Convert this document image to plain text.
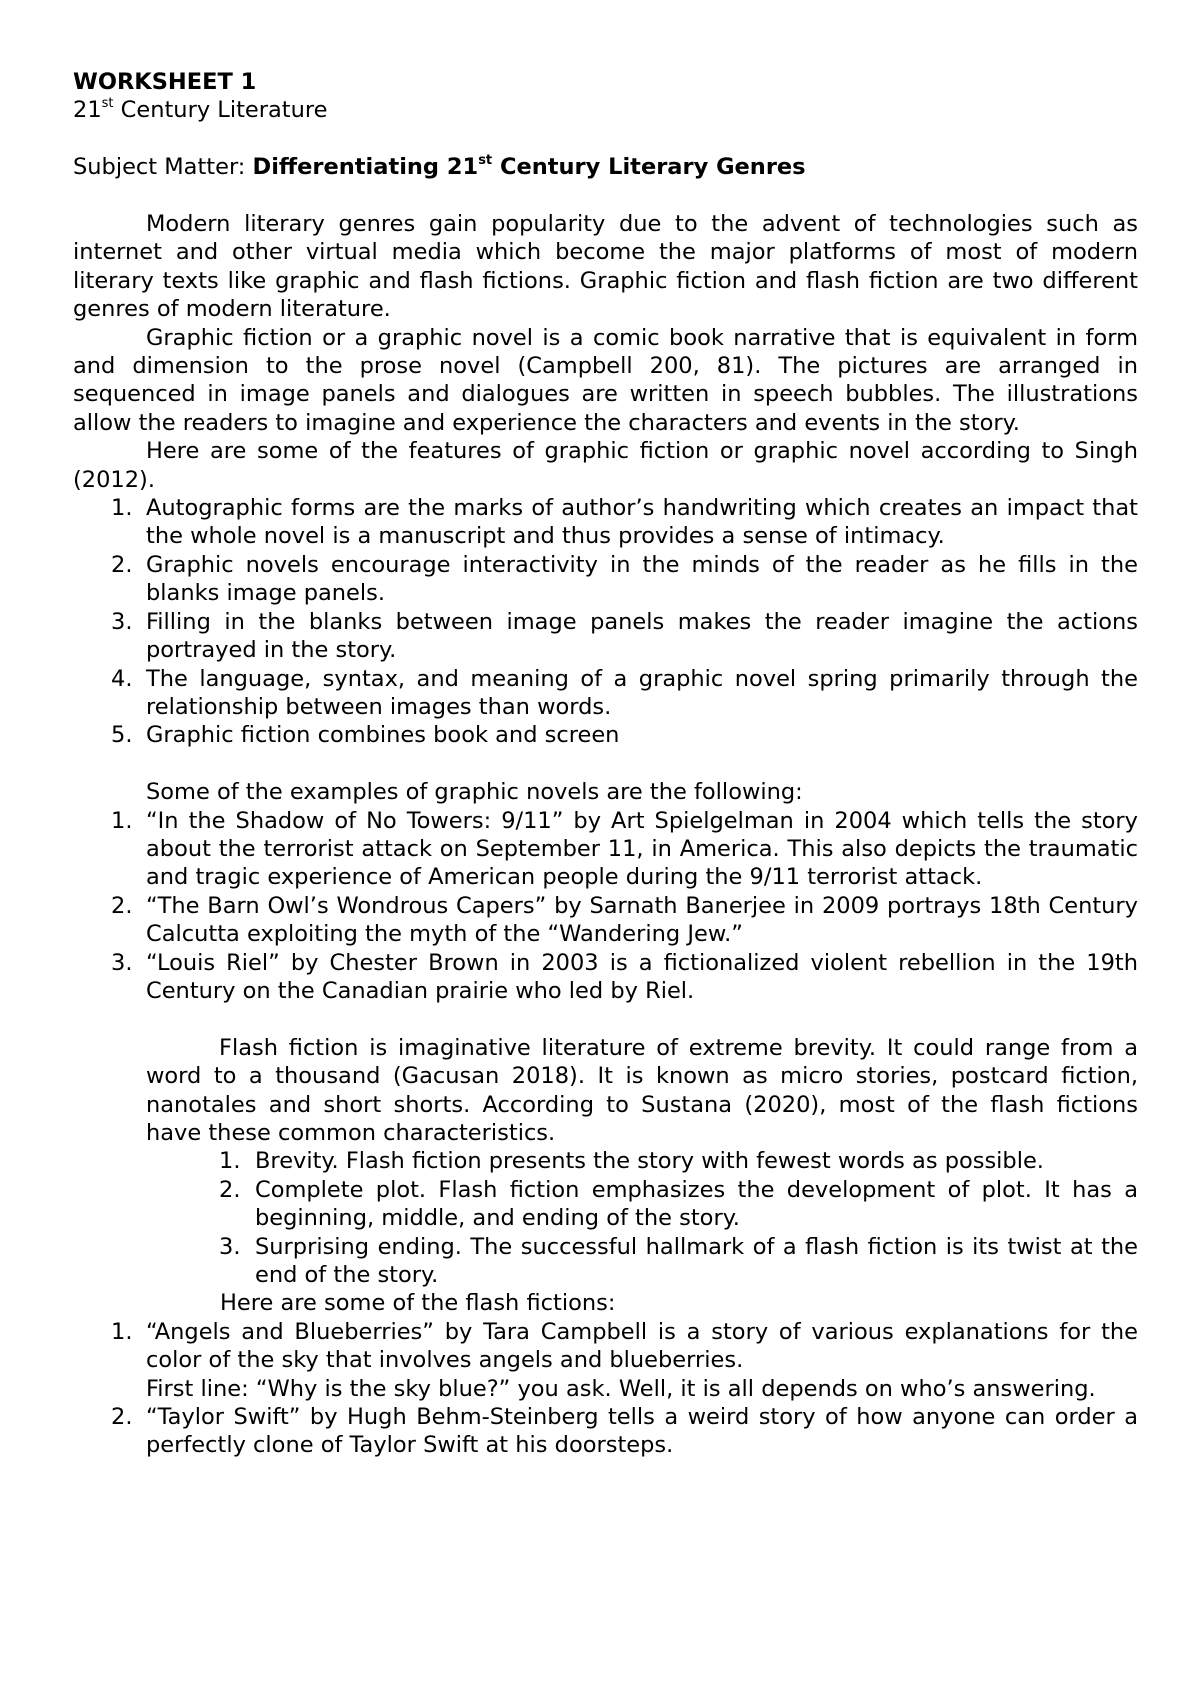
WORKSHEET 1
21st Century Literature
Subject Matter: Differentiating 21st Century Literary Genres

Modern literary genres gain popularity due to the advent of technologies such as internet and other virtual media which become the major platforms of most of modern literary texts like graphic and flash fictions. Graphic fiction and flash fiction are two different genres of modern literature.

Graphic fiction or a graphic novel is a comic book narrative that is equivalent in form and dimension to the prose novel (Campbell 200, 81). The pictures are arranged in sequenced in image panels and dialogues are written in speech bubbles. The illustrations allow the readers to imagine and experience the characters and events in the story.

Here are some of the features of graphic fiction or graphic novel according to Singh (2012).

1. Autographic forms are the marks of author’s handwriting which creates an impact that the whole novel is a manuscript and thus provides a sense of intimacy.
2. Graphic novels encourage interactivity in the minds of the reader as he fills in the blanks image panels.
3. Filling in the blanks between image panels makes the reader imagine the actions portrayed in the story.
4. The language, syntax, and meaning of a graphic novel spring primarily through the relationship between images than words.
5. Graphic fiction combines book and screen

Some of the examples of graphic novels are the following:

1. “In the Shadow of No Towers: 9/11” by Art Spielgelman in 2004 which tells the story about the terrorist attack on September 11, in America. This also depicts the traumatic and tragic experience of American people during the 9/11 terrorist attack.
2. “The Barn Owl’s Wondrous Capers” by Sarnath Banerjee in 2009 portrays 18th Century Calcutta exploiting the myth of the “Wandering Jew.”
3. “Louis Riel” by Chester Brown in 2003 is a fictionalized violent rebellion in the 19th Century on the Canadian prairie who led by Riel.
Flash fiction is imaginative literature of extreme brevity. It could range from a word to a thousand (Gacusan 2018). It is known as micro stories, postcard fiction, nanotales and short shorts. According to Sustana (2020), most of the flash fictions have these common characteristics.
1. Brevity. Flash fiction presents the story with fewest words as possible.
2. Complete plot. Flash fiction emphasizes the development of plot. It has a beginning, middle, and ending of the story.
3. Surprising ending. The successful hallmark of a flash fiction is its twist at the end of the story.

Here are some of the flash fictions:

1. “Angels and Blueberries” by Tara Campbell is a story of various explanations for the color of the sky that involves angels and blueberries.
First line: “Why is the sky blue?” you ask. Well, it is all depends on who’s answering.
2. “Taylor Swift” by Hugh Behm-Steinberg tells a weird story of how anyone can order a perfectly clone of Taylor Swift at his doorsteps.
